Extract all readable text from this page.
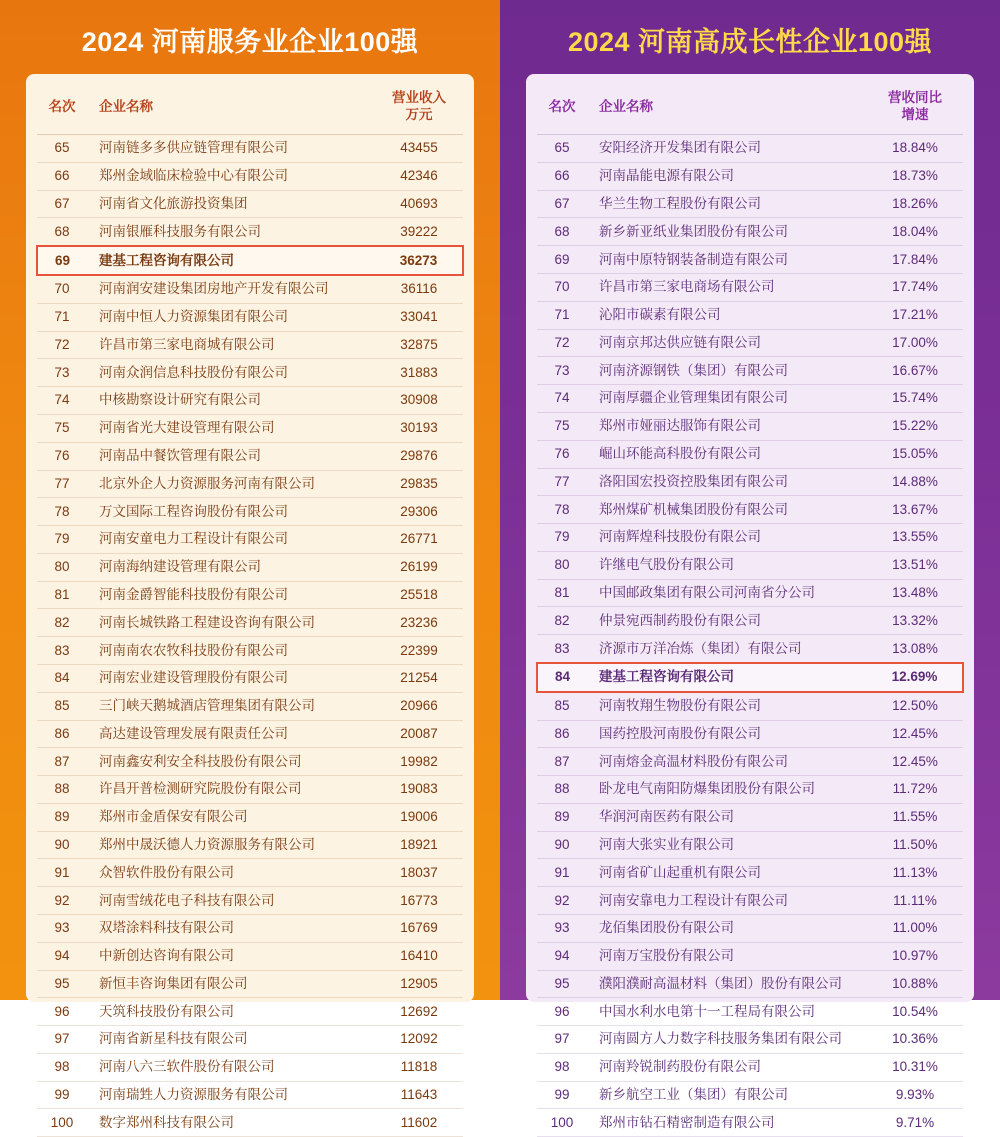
2024 河南服务业企业100强
名次	企业名称	营业收入
万元
65	河南链多多供应链管理有限公司	43455
66	郑州金域临床检验中心有限公司	42346
67	河南省文化旅游投资集团	40693
68	河南银雁科技服务有限公司	39222
69	建基工程咨询有限公司	36273
70	河南润安建设集团房地产开发有限公司	36116
71	河南中恒人力资源集团有限公司	33041
72	许昌市第三家电商城有限公司	32875
73	河南众润信息科技股份有限公司	31883
74	中核勘察设计研究有限公司	30908
75	河南省光大建设管理有限公司	30193
76	河南品中餐饮管理有限公司	29876
77	北京外企人力资源服务河南有限公司	29835
78	万文国际工程咨询股份有限公司	29306
79	河南安童电力工程设计有限公司	26771
80	河南海纳建设管理有限公司	26199
81	河南金爵智能科技股份有限公司	25518
82	河南长城铁路工程建设咨询有限公司	23236
83	河南南农农牧科技股份有限公司	22399
84	河南宏业建设管理股份有限公司	21254
85	三门峡天鹅城酒店管理集团有限公司	20966
86	高达建设管理发展有限责任公司	20087
87	河南鑫安利安全科技股份有限公司	19982
88	许昌开普检测研究院股份有限公司	19083
89	郑州市金盾保安有限公司	19006
90	郑州中晟沃德人力资源服务有限公司	18921
91	众智软件股份有限公司	18037
92	河南雪绒花电子科技有限公司	16773
93	双塔涂料科技有限公司	16769
94	中新创达咨询有限公司	16410
95	新恒丰咨询集团有限公司	12905
96	天筑科技股份有限公司	12692
97	河南省新星科技有限公司	12092
98	河南八六三软件股份有限公司	11818
99	河南瑞甡人力资源服务有限公司	11643
100	数字郑州科技有限公司	11602
2024 河南高成长性企业100强
名次	企业名称	营收同比
增速
65	安阳经济开发集团有限公司	18.84%
66	河南晶能电源有限公司	18.73%
67	华兰生物工程股份有限公司	18.26%
68	新乡新亚纸业集团股份有限公司	18.04%
69	河南中原特钢装备制造有限公司	17.84%
70	许昌市第三家电商场有限公司	17.74%
71	沁阳市碳素有限公司	17.21%
72	河南京邦达供应链有限公司	17.00%
73	河南济源钢铁（集团）有限公司	16.67%
74	河南厚疆企业管理集团有限公司	15.74%
75	郑州市娅丽达服饰有限公司	15.22%
76	崛山环能高科股份有限公司	15.05%
77	洛阳国宏投资控股集团有限公司	14.88%
78	郑州煤矿机械集团股份有限公司	13.67%
79	河南辉煌科技股份有限公司	13.55%
80	许继电气股份有限公司	13.51%
81	中国邮政集团有限公司河南省分公司	13.48%
82	仲景宛西制药股份有限公司	13.32%
83	济源市万洋冶炼（集团）有限公司	13.08%
84	建基工程咨询有限公司	12.69%
85	河南牧翔生物股份有限公司	12.50%
86	国药控股河南股份有限公司	12.45%
87	河南熔金高温材料股份有限公司	12.45%
88	卧龙电气南阳防爆集团股份有限公司	11.72%
89	华润河南医药有限公司	11.55%
90	河南大张实业有限公司	11.50%
91	河南省矿山起重机有限公司	11.13%
92	河南安靠电力工程设计有限公司	11.11%
93	龙佰集团股份有限公司	11.00%
94	河南万宝股份有限公司	10.97%
95	濮阳濮耐高温材料（集团）股份有限公司	10.88%
96	中国水利水电第十一工程局有限公司	10.54%
97	河南圆方人力数字科技服务集团有限公司	10.36%
98	河南羚锐制药股份有限公司	10.31%
99	新乡航空工业（集团）有限公司	9.93%
100	郑州市钻石精密制造有限公司	9.71%
